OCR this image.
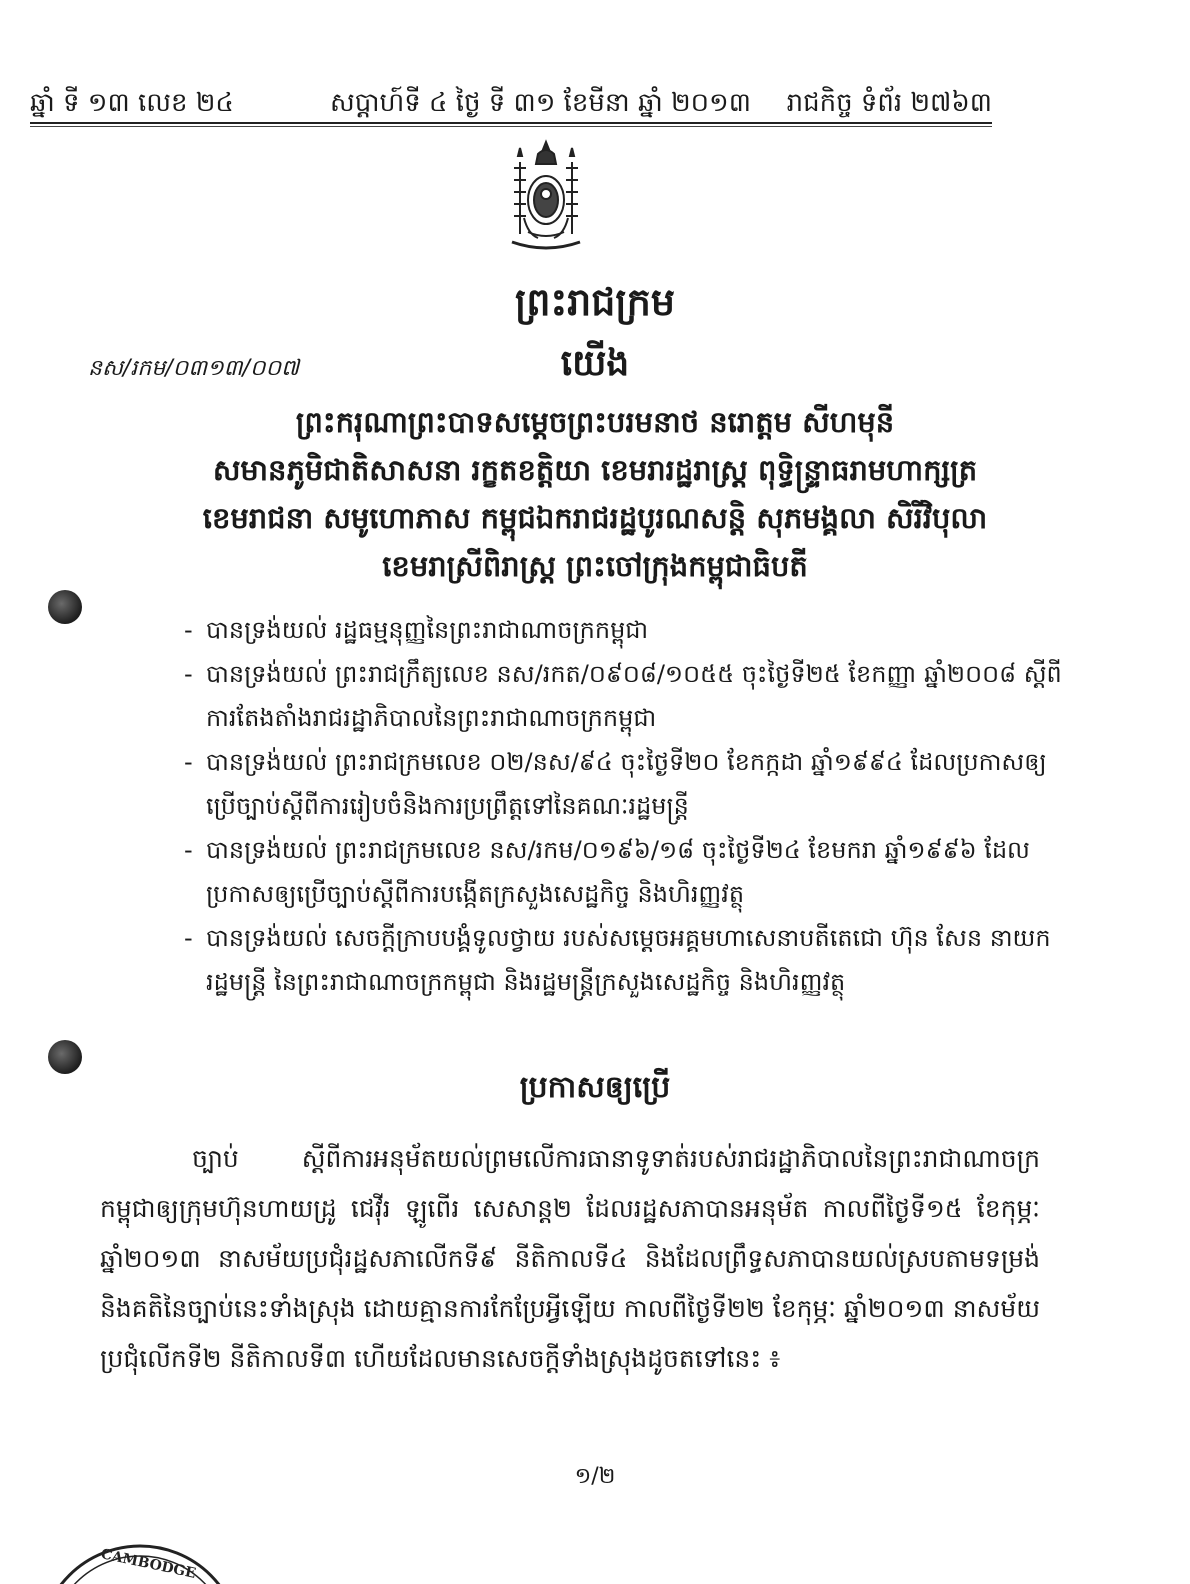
ឆ្នាំ ទី ១៣ លេខ ២៤	សប្តាហ៍ទី ៤ ថ្ងៃ ទី ៣១ ខែមីនា ឆ្នាំ ២០១៣ រាជកិច្ច ទំព័រ ២៧៦៣
ព្រះរាជក្រម
នស/រកម/០៣១៣/០០៧	យើង
ព្រះករុណាព្រះបាទសម្តេចព្រះបរមនាថ នរោត្តម សីហមុនី
សមានភូមិជាតិសាសនា រក្ខតខត្តិយា ខេមរារដ្ឋរាស្ត្រ ពុទ្ធិន្ទ្រាធរាមហាក្សត្រ
ខេមរាជនា សមូហោភាស កម្ពុជឯករាជរដ្ឋបូរណសន្តិ សុភមង្គលា សិរីវិបុលា
ខេមរាស្រីពិរាស្ត្រ ព្រះចៅក្រុងកម្ពុជាធិបតី
- បានទ្រង់យល់ រដ្ឋធម្មនុញ្ញនៃព្រះរាជាណាចក្រកម្ពុជា
- បានទ្រង់យល់ ព្រះរាជក្រឹត្យលេខ នស/រកត/០៩០៨/១០៥៥ ចុះថ្ងៃទី២៥ ខែកញ្ញា ឆ្នាំ២០០៨ ស្តីពីការតែងតាំងរាជរដ្ឋាភិបាលនៃព្រះរាជាណាចក្រកម្ពុជា
- បានទ្រង់យល់ ព្រះរាជក្រមលេខ ០២/នស/៩៤ ចុះថ្ងៃទី២០ ខែកក្កដា ឆ្នាំ១៩៩៤ ដែលប្រកាសឲ្យប្រើច្បាប់ស្តីពីការរៀបចំនិងការប្រព្រឹត្តទៅនៃគណៈរដ្ឋមន្ត្រី
- បានទ្រង់យល់ ព្រះរាជក្រមលេខ នស/រកម/០១៩៦/១៨ ចុះថ្ងៃទី២៤ ខែមករា ឆ្នាំ១៩៩៦ ដែលប្រកាសឲ្យប្រើច្បាប់ស្តីពីការបង្កើតក្រសួងសេដ្ឋកិច្ច និងហិរញ្ញវត្ថុ
- បានទ្រង់យល់ សេចក្តីក្រាបបង្គំទូលថ្វាយ របស់សម្តេចអគ្គមហាសេនាបតីតេជោ ហ៊ុន សែន នាយករដ្ឋមន្ត្រី នៃព្រះរាជាណាចក្រកម្ពុជា និងរដ្ឋមន្ត្រីក្រសួងសេដ្ឋកិច្ច និងហិរញ្ញវត្ថុ
ប្រកាសឲ្យប្រើ
ច្បាប់ ស្តីពីការអនុម័តយល់ព្រមលើការធានាទូទាត់របស់រាជរដ្ឋាភិបាលនៃព្រះរាជាណាចក្រកម្ពុជាឲ្យក្រុមហ៊ុនហាយដ្រូ ជេវ៉ីរ ឡូពើរ សេសាន្ត២ ដែលរដ្ឋសភាបានអនុម័ត កាលពីថ្ងៃទី១៥ ខែកុម្ភៈ ឆ្នាំ២០១៣ នាសម័យប្រជុំរដ្ឋសភាលើកទី៩ នីតិកាលទី៤ និងដែលព្រឹទ្ធសភាបានយល់ស្របតាមទម្រង់ និងគតិនៃច្បាប់នេះទាំងស្រុង ដោយគ្មានការកែប្រែអ្វីឡើយ កាលពីថ្ងៃទី២២ ខែកុម្ភៈ ឆ្នាំ២០១៣ នាសម័យប្រជុំលើកទី២ នីតិកាលទី៣ ហើយដែលមានសេចក្តីទាំងស្រុងដូចតទៅនេះ ៖
១/២
CAMBODGE
